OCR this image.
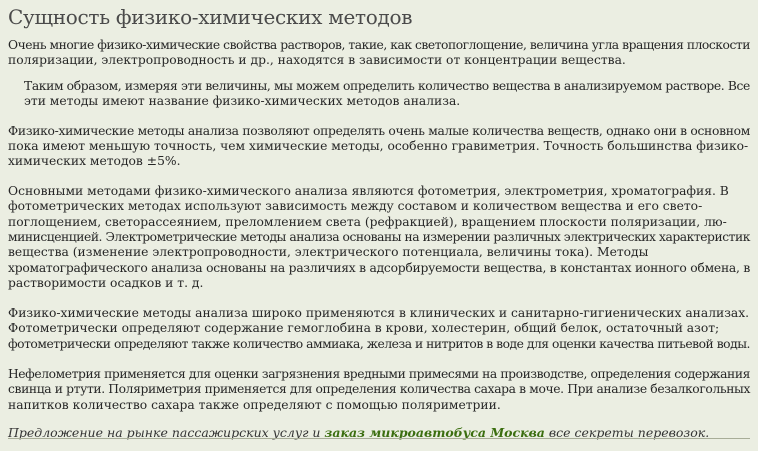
Сущность физико-химических методов

Очень многие физико-химические свойства растворов, такие, как светопоглощение, величина угла вращения плоскости
поляризации, электропроводность и др., находятся в зависимости от концентрации вещества.

Таким образом, измеряя эти величины, мы можем определить количество вещества в анализируемом растворе. Все
эти методы имеют название физико-химических методов анализа.

Физико-химические методы анализа позволяют определять очень малые количества веществ, однако они в основном
пока имеют меньшую точность, чем химические методы, особенно гравиметрия. Точность большинства физико-
химических методов ±5%.

Основными методами физико-химического анализа являются фотометрия, электрометрия, хроматография. В
фотометрических методах используют зависимость между составом и количеством вещества и его свето-
поглощением, светорассеянием, преломлением света (рефракцией), вращением плоскости поляризации, лю-
минисценцией. Электрометрические методы анализа основаны на измерении различных электрических характеристик
вещества (изменение электропроводности, электрического потенциала, величины тока). Методы
хроматографического анализа основаны на различиях в адсорбируемости вещества, в константах ионного обмена, в
растворимости осадков и т. д.

Физико-химические методы анализа широко применяются в клинических и санитарно-гигиенических анализах.
Фотометрически определяют содержание гемоглобина в крови, холестерин, общий белок, остаточный азот;
фотометрически определяют также количество аммиака, железа и нитритов в воде для оценки качества питьевой воды.

Нефелометрия применяется для оценки загрязнения вредными примесями на производстве, определения содержания
свинца и ртути. Поляриметрия применяется для определения количества сахара в моче. При анализе безалкогольных
напитков количество сахара также определяют с помощью поляриметрии.

Предложение на рынке пассажирских услуг и заказ микроавтобуса Москва все секреты перевозок.
